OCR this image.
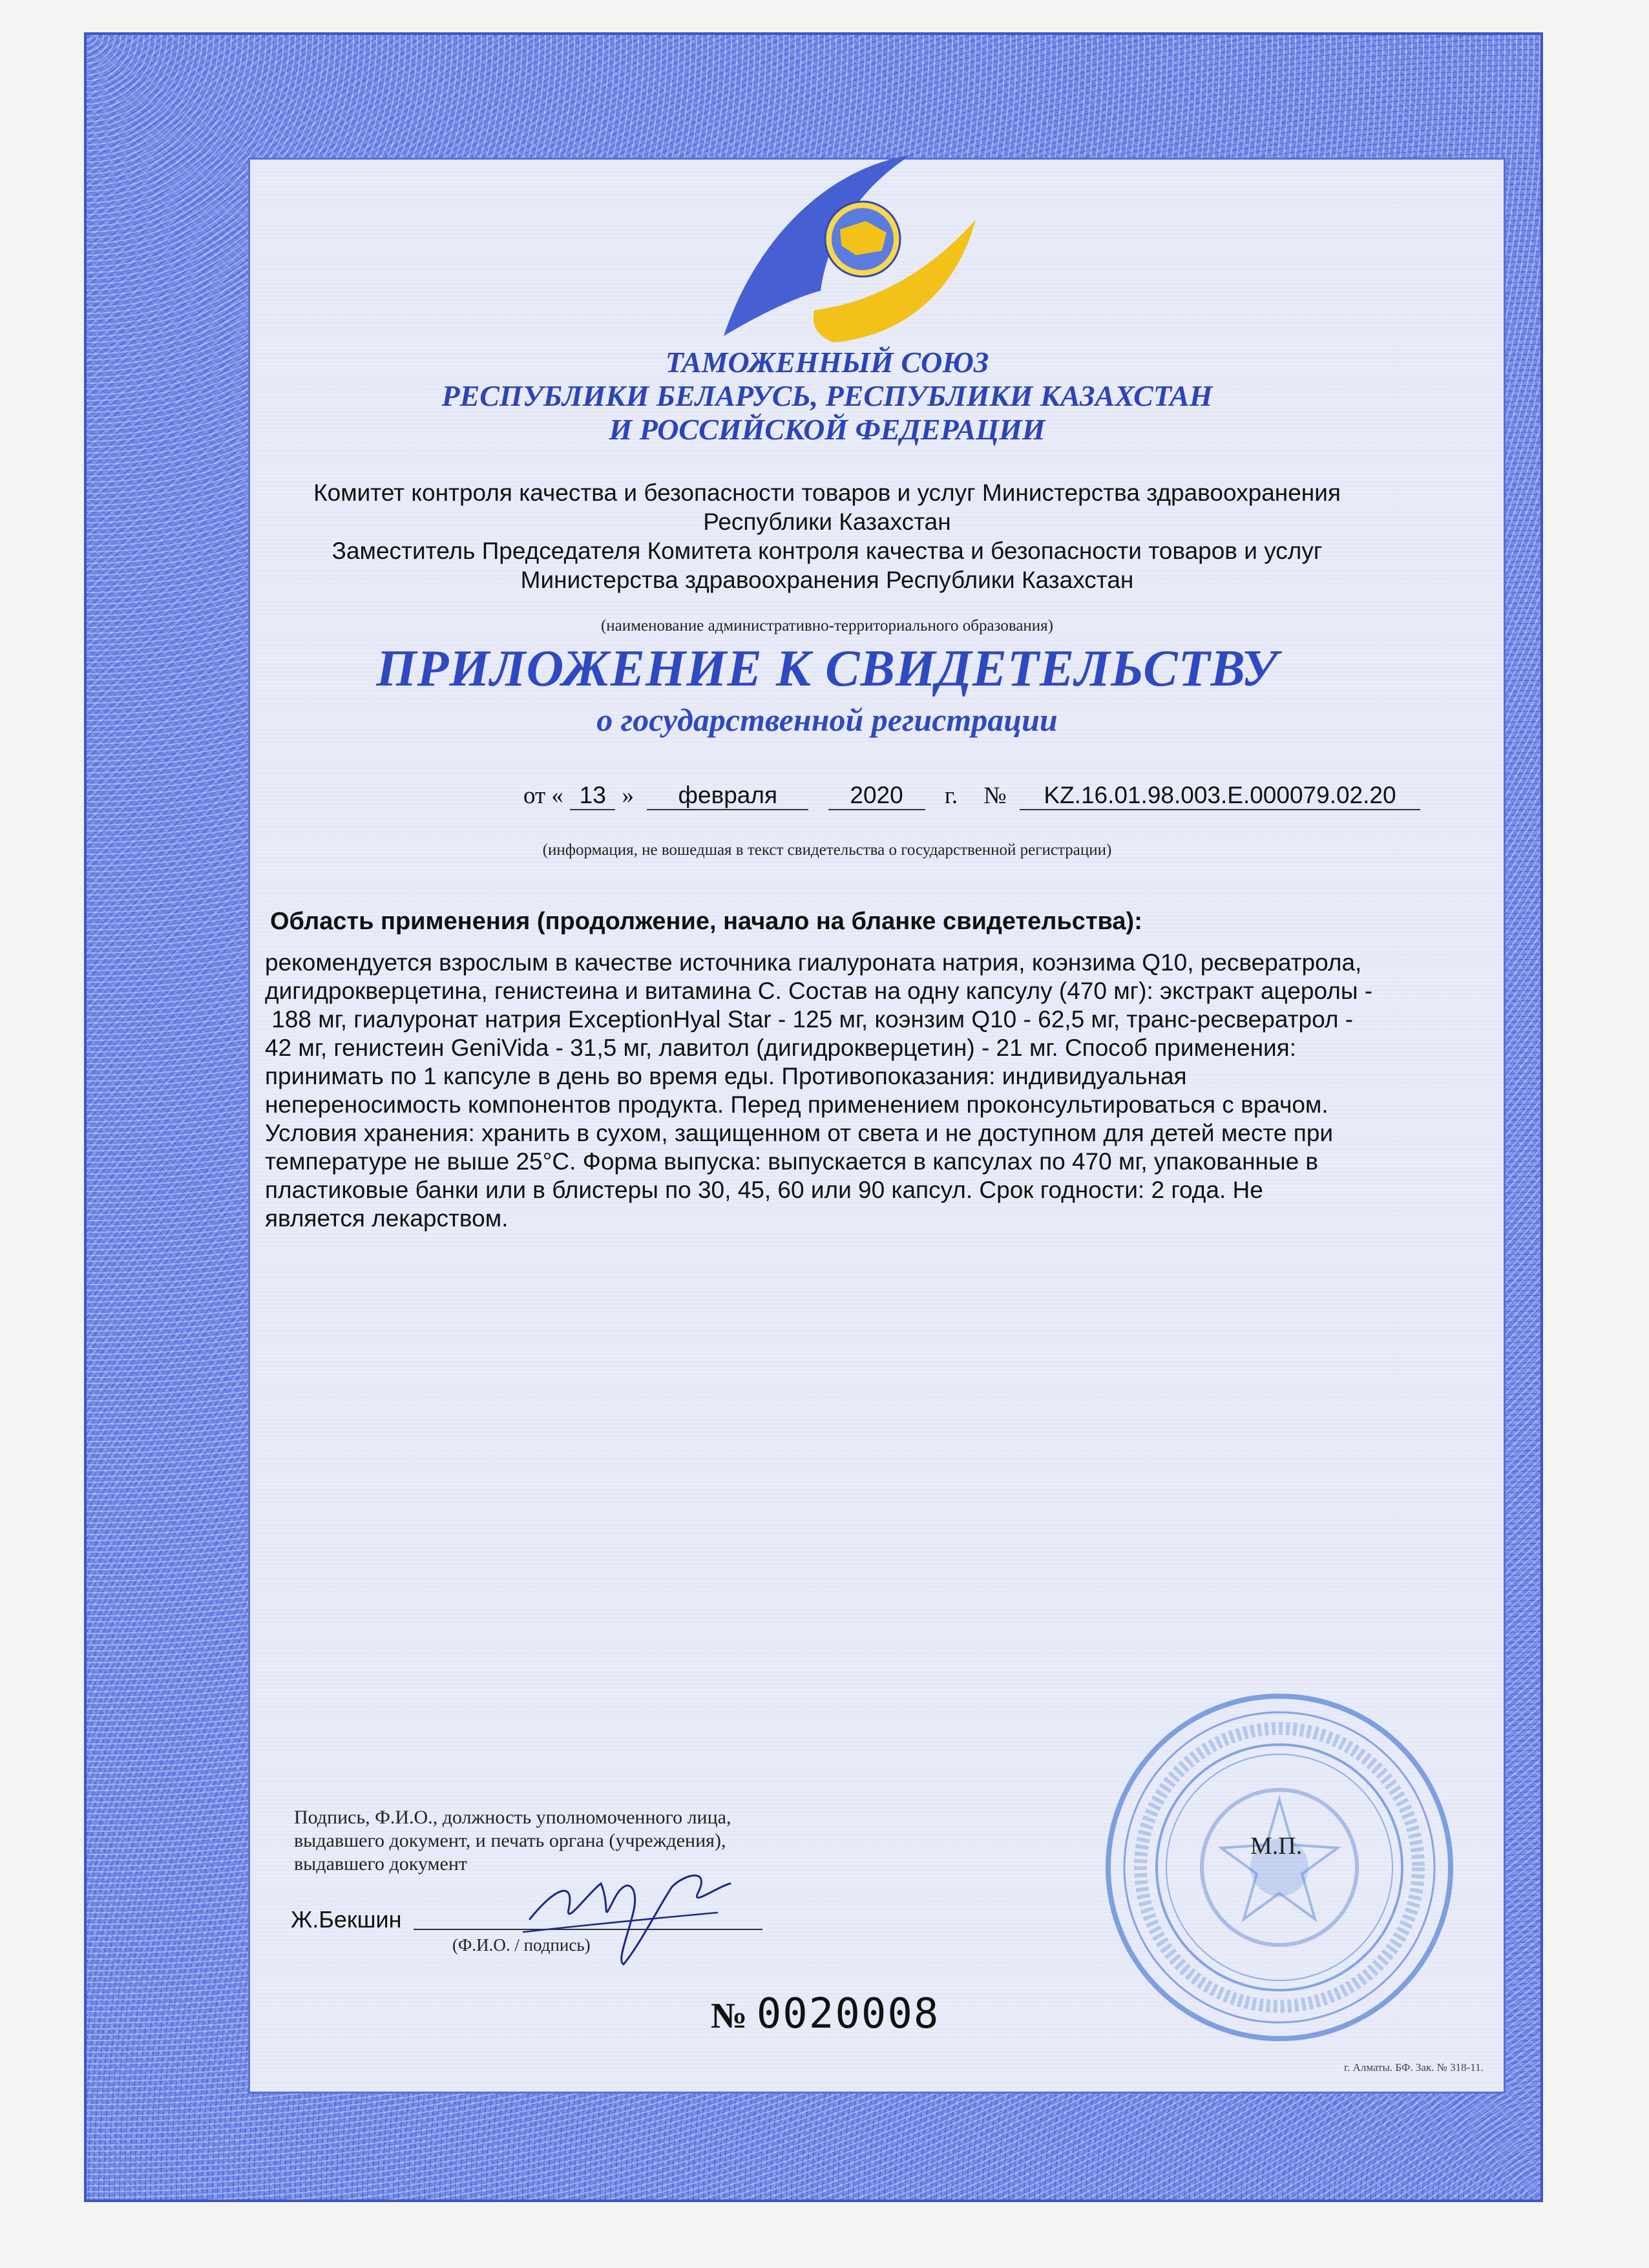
ТАМОЖЕННЫЙ СОЮЗ
РЕСПУБЛИКИ БЕЛАРУСЬ, РЕСПУБЛИКИ КАЗАХСТАН
И РОССИЙСКОЙ ФЕДЕРАЦИИ
Комитет контроля качества и безопасности товаров и услуг Министерства здравоохранения
Республики Казахстан
Заместитель Председателя Комитета контроля качества и безопасности товаров и услуг
Министерства здравоохранения Республики Казахстан
(наименование административно-территориального образования)
ПРИЛОЖЕНИЕ К СВИДЕТЕЛЬСТВУ
о государственной регистрации
от « 13 » февраля	2020 г. № KZ.16.01.98.003.E.000079.02.20
(информация, не вошедшая в текст свидетельства о государственной регистрации)
Область применения (продолжение, начало на бланке свидетельства):
рекомендуется взрослым в качестве источника гиалуроната натрия, коэнзима Q10, ресвератрола,
дигидрокверцетина, генистеина и витамина С. Состав на одну капсулу (470 мг): экстракт ацеролы -
188 мг, гиалуронат натрия ExceptionHyal Star - 125 мг, коэнзим Q10 - 62,5 мг, транс-ресвератрол -
42 мг, генистеин GeniVida - 31,5 мг, лавитол (дигидрокверцетин) - 21 мг. Способ применения:
принимать по 1 капсуле в день во время еды. Противопоказания: индивидуальная
непереносимость компонентов продукта. Перед применением проконсультироваться с врачом.
Условия хранения: хранить в сухом, защищенном от света и не доступном для детей месте при
температуре не выше 25°С. Форма выпуска: выпускается в капсулах по 470 мг, упакованные в
пластиковые банки или в блистеры по 30, 45, 60 или 90 капсул. Срок годности: 2 года. Не
является лекарством.
Подпись, Ф.И.О., должность уполномоченного лица,
выдавшего документ, и печать органа (учреждения),
выдавшего документ
Ж.Бекшин
(Ф.И.О. / подпись)
М.П.
№ 0020008
г. Алматы. БФ. Зак. № 318-11.
